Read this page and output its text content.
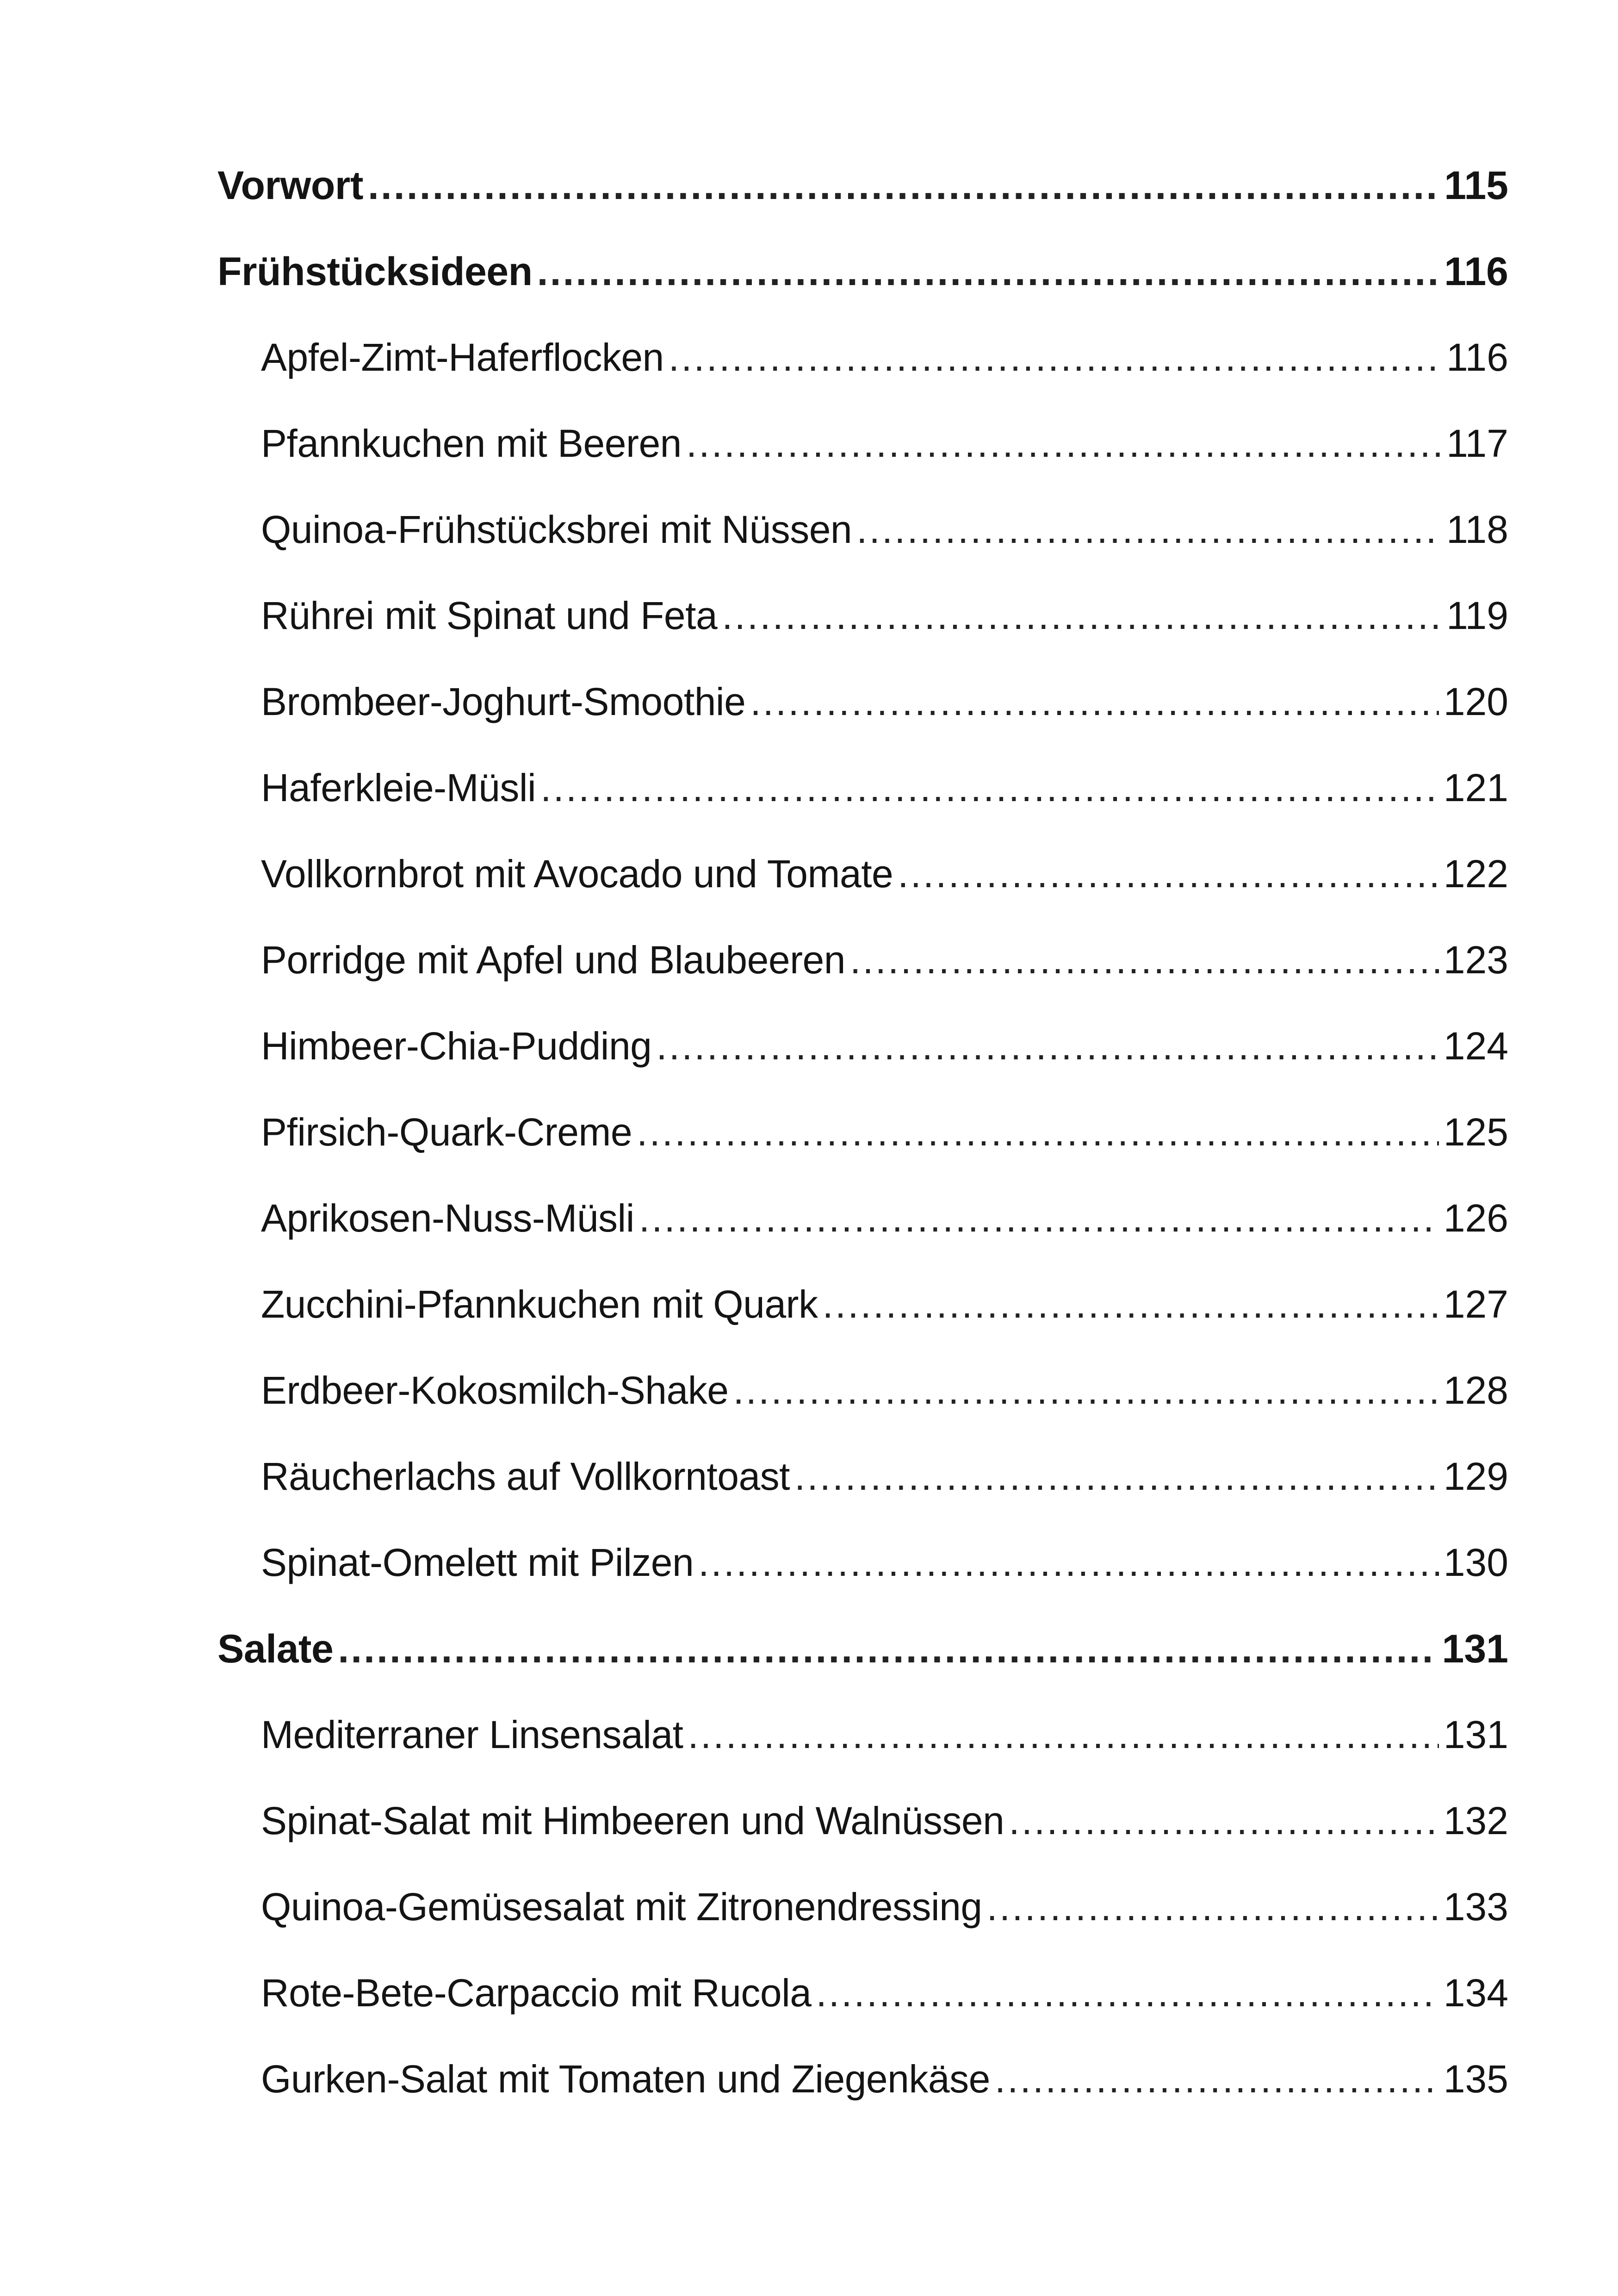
Vorwort .....	115
Frühstücksideen .....	116
Apfel-Zimt-Haferflocken .....	116
Pfannkuchen mit Beeren .....	117
Quinoa-Frühstücksbrei mit Nüssen .....	118
Rührei mit Spinat und Feta .....	119
Brombeer-Joghurt-Smoothie .....	120
Haferkleie-Müsli .....	121
Vollkornbrot mit Avocado und Tomate .....	122
Porridge mit Apfel und Blaubeeren .....	123
Himbeer-Chia-Pudding .....	124
Pfirsich-Quark-Creme .....	125
Aprikosen-Nuss-Müsli .....	126
Zucchini-Pfannkuchen mit Quark .....	127
Erdbeer-Kokosmilch-Shake .....	128
Räucherlachs auf Vollkorntoast .....	129
Spinat-Omelett mit Pilzen .....	130
Salate .....	131
Mediterraner Linsensalat .....	131
Spinat-Salat mit Himbeeren und Walnüssen .....	132
Quinoa-Gemüsesalat mit Zitronendressing .....	133
Rote-Bete-Carpaccio mit Rucola .....	134
Gurken-Salat mit Tomaten und Ziegenkäse .....	135
